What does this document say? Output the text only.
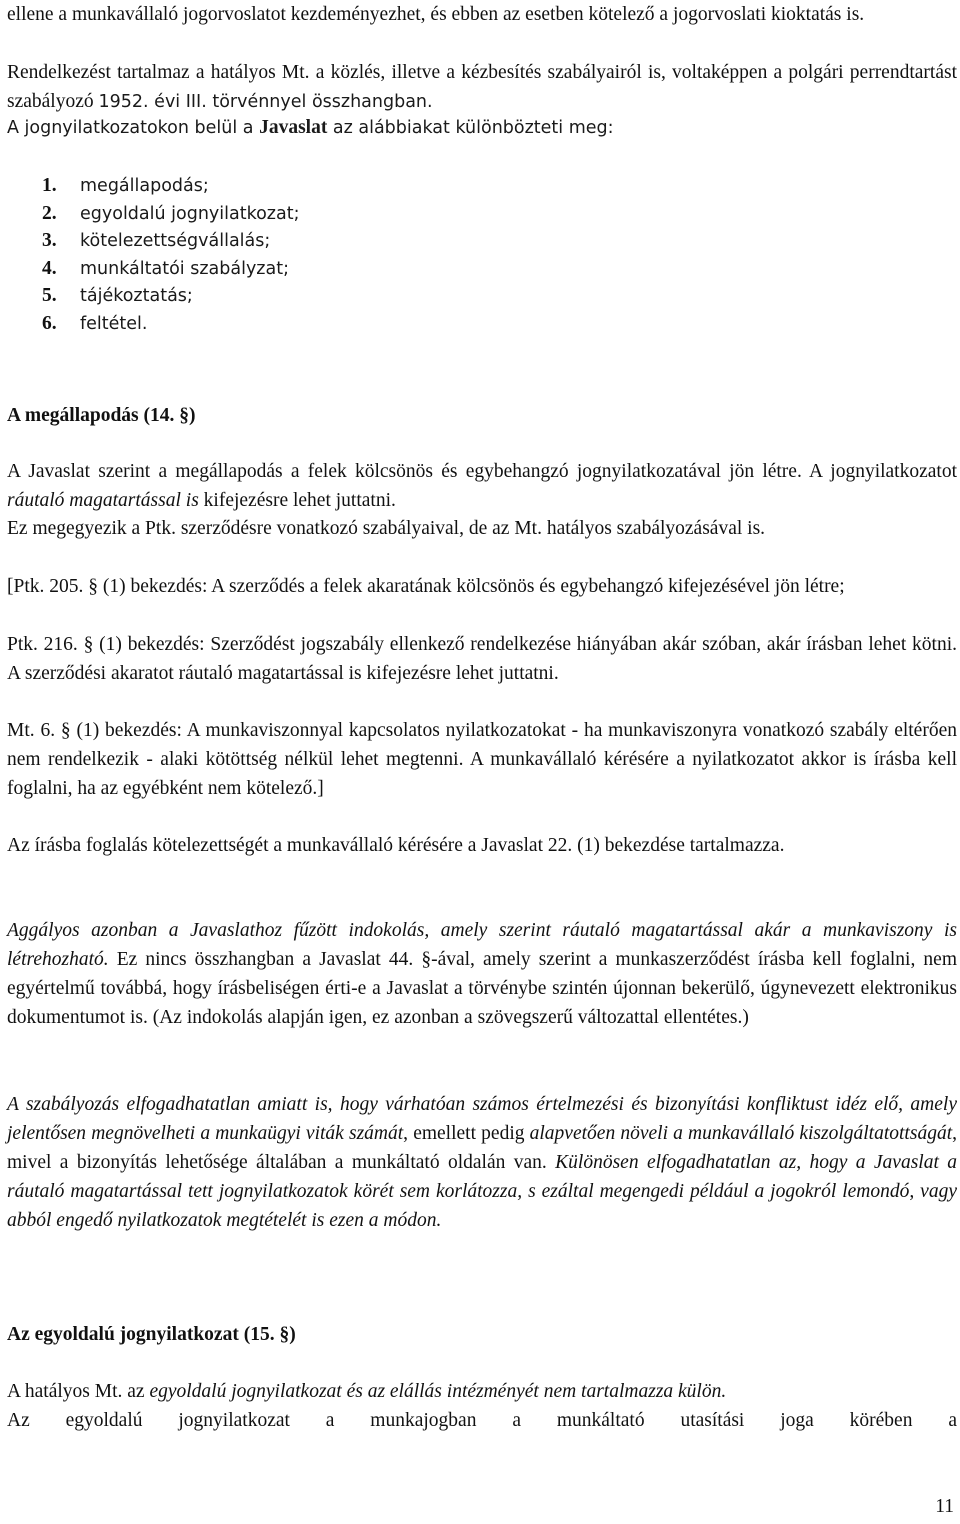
ellene a munkavállaló jogorvoslatot kezdeményezhet, és ebben az esetben kötelező a jogorvoslati kioktatás is.

Rendelkezést tartalmaz a hatályos Mt. a közlés, illetve a kézbesítés szabályairól is, voltaképpen a polgári perrendtartást szabályozó 1952. évi III. törvénnyel összhangban.

A jognyilatkozatokon belül a Javaslat az alábbiakat különbözteti meg:

1. megállapodás;
2. egyoldalú jognyilatkozat;
3. kötelezettségvállalás;
4. munkáltatói szabályzat;
5. tájékoztatás;
6. feltétel.

A megállapodás (14. §)

A Javaslat szerint a megállapodás a felek kölcsönös és egybehangzó jognyilatkozatával jön létre. A jognyilatkozatot ráutaló magatartással is kifejezésre lehet juttatni.

Ez megegyezik a Ptk. szerződésre vonatkozó szabályaival, de az Mt. hatályos szabályozásával is.

[Ptk. 205. § (1) bekezdés: A szerződés a felek akaratának kölcsönös és egybehangzó kifejezésével jön létre;

Ptk. 216. § (1) bekezdés: Szerződést jogszabály ellenkező rendelkezése hiányában akár szóban, akár írásban lehet kötni. A szerződési akaratot ráutaló magatartással is kifejezésre lehet juttatni.

Mt. 6. § (1) bekezdés: A munkaviszonnyal kapcsolatos nyilatkozatokat - ha munkaviszonyra vonatkozó szabály eltérően nem rendelkezik - alaki kötöttség nélkül lehet megtenni. A munkavállaló kérésére a nyilatkozatot akkor is írásba kell foglalni, ha az egyébként nem kötelező.]

Az írásba foglalás kötelezettségét a munkavállaló kérésére a Javaslat 22. (1) bekezdése tartalmazza.

Aggályos azonban a Javaslathoz fűzött indokolás, amely szerint ráutaló magatartással akár a munkaviszony is létrehozható. Ez nincs összhangban a Javaslat 44. §-ával, amely szerint a munkaszerződést írásba kell foglalni, nem egyértelmű továbbá, hogy írásbeliségen érti-e a Javaslat a törvénybe szintén újonnan bekerülő, úgynevezett elektronikus dokumentumot is. (Az indokolás alapján igen, ez azonban a szövegszerű változattal ellentétes.)

A szabályozás elfogadhatatlan amiatt is, hogy várhatóan számos értelmezési és bizonyítási konfliktust idéz elő, amely jelentősen megnövelheti a munkaügyi viták számát, emellett pedig alapvetően növeli a munkavállaló kiszolgáltatottságát, mivel a bizonyítás lehetősége általában a munkáltató oldalán van. Különösen elfogadhatatlan az, hogy a Javaslat a ráutaló magatartással tett jognyilatkozatok körét sem korlátozza, s ezáltal megengedi például a jogokról lemondó, vagy abból engedő nyilatkozatok megtételét is ezen a módon.

Az egyoldalú jognyilatkozat (15. §)

A hatályos Mt. az egyoldalú jognyilatkozat és az elállás intézményét nem tartalmazza külön.

Az egyoldalú jognyilatkozat a munkajogban a munkáltató utasítási joga körében a

11
